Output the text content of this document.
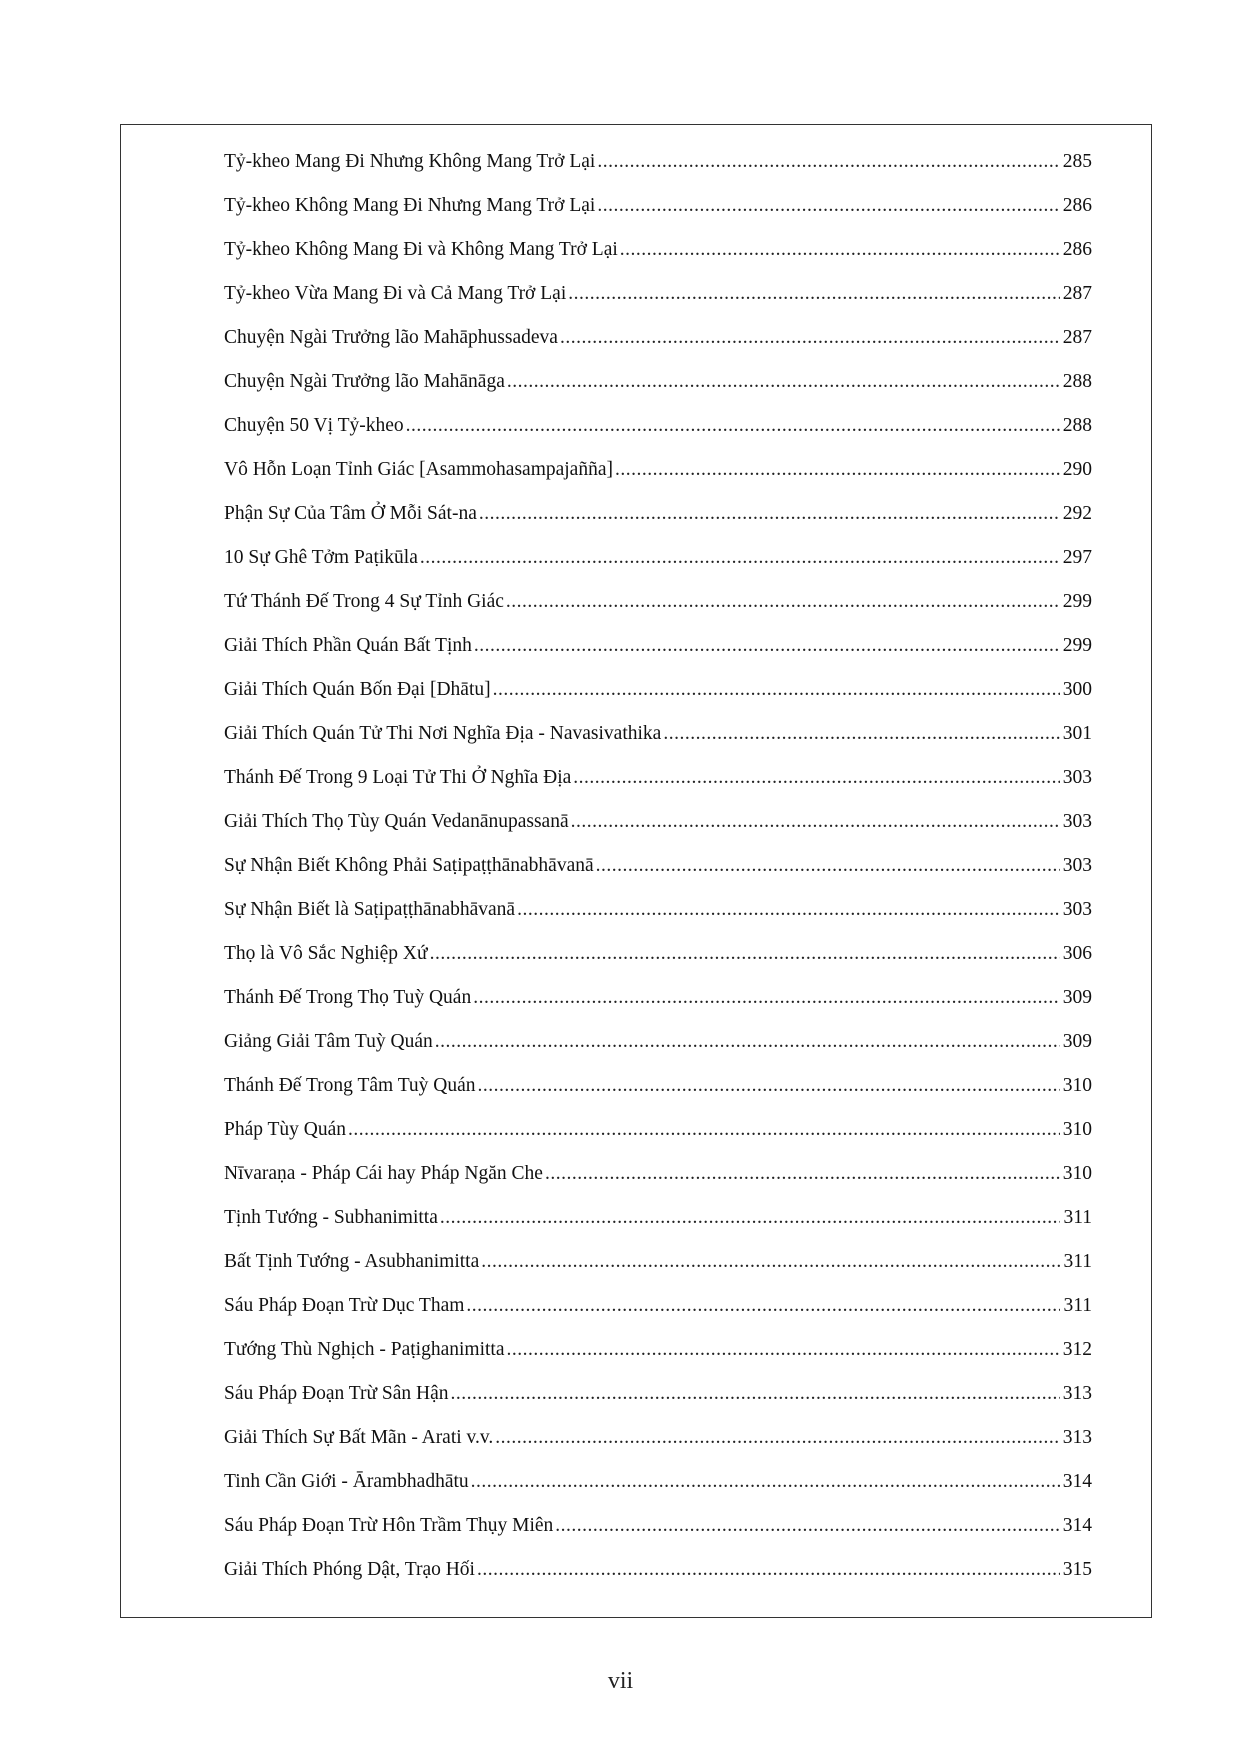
Tỷ-kheo Mang Đi Nhưng Không Mang Trở Lại .....	285
Tỷ-kheo Không Mang Đi Nhưng Mang Trở Lại .....	286
Tỷ-kheo Không Mang Đi và Không Mang Trở Lại .....	286
Tỷ-kheo Vừa Mang Đi và Cả Mang Trở Lại .....	287
Chuyện Ngài Trưởng lão Mahāphussadeva .....	287
Chuyện Ngài Trưởng lão Mahānāga .....	288
Chuyện 50 Vị Tỷ-kheo .....	288
Vô Hỗn Loạn Tỉnh Giác [Asammohasampajañña] .....	290
Phận Sự Của Tâm Ở Mỗi Sát-na .....	292
10 Sự Ghê Tởm Paṭikūla .....	297
Tứ Thánh Đế Trong 4 Sự Tỉnh Giác .....	299
Giải Thích Phần Quán Bất Tịnh .....	299
Giải Thích Quán Bốn Đại [Dhātu] .....	300
Giải Thích Quán Tử Thi Nơi Nghĩa Địa - Navasivathika .....	301
Thánh Đế Trong 9 Loại Tử Thi Ở Nghĩa Địa .....	303
Giải Thích Thọ Tùy Quán Vedanānupassanā .....	303
Sự Nhận Biết Không Phải Saṭipaṭṭhānabhāvanā .....	303
Sự Nhận Biết là Saṭipaṭṭhānabhāvanā .....	303
Thọ là Vô Sắc Nghiệp Xứ .....	306
Thánh Đế Trong Thọ Tuỳ Quán .....	309
Giảng Giải Tâm Tuỳ Quán .....	309
Thánh Đế Trong Tâm Tuỳ Quán .....	310
Pháp Tùy Quán .....	310
Nīvaraṇa - Pháp Cái hay Pháp Ngăn Che .....	310
Tịnh Tướng - Subhanimitta .....	311
Bất Tịnh Tướng - Asubhanimitta .....	311
Sáu Pháp Đoạn Trừ Dục Tham .....	311
Tướng Thù Nghịch - Paṭighanimitta .....	312
Sáu Pháp Đoạn Trừ Sân Hận .....	313
Giải Thích Sự Bất Mãn - Arati v.v. .....	313
Tinh Cần Giới - Ārambhadhātu .....	314
Sáu Pháp Đoạn Trừ Hôn Trầm Thụy Miên .....	314
Giải Thích Phóng Dật, Trạo Hối .....	315
vii
